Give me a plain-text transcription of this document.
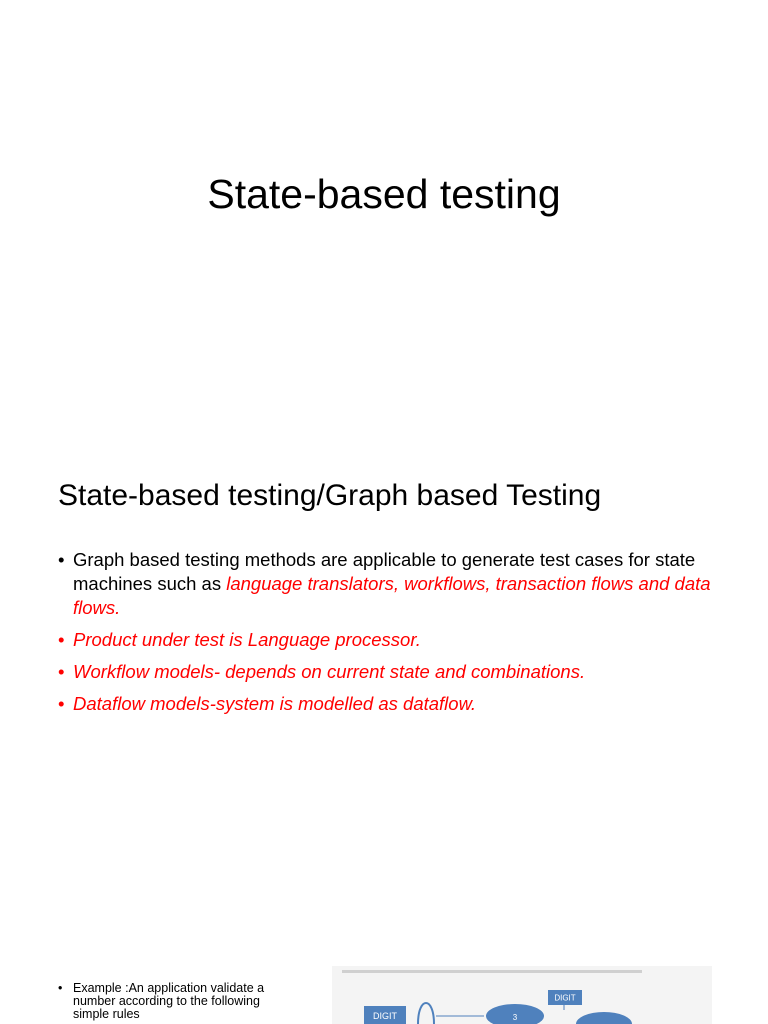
State-based testing
State-based testing/Graph based Testing
• Graph based testing methods are applicable to generate test cases for state machines such as language translators, workflows, transaction flows and data flows.
• Product under test is Language processor.
• Workflow models- depends on current state and combinations.
• Dataflow models-system is modelled as dataflow.
• Example :An application validate a number according to the following simple rules	DIGIT	3
DIGIT
